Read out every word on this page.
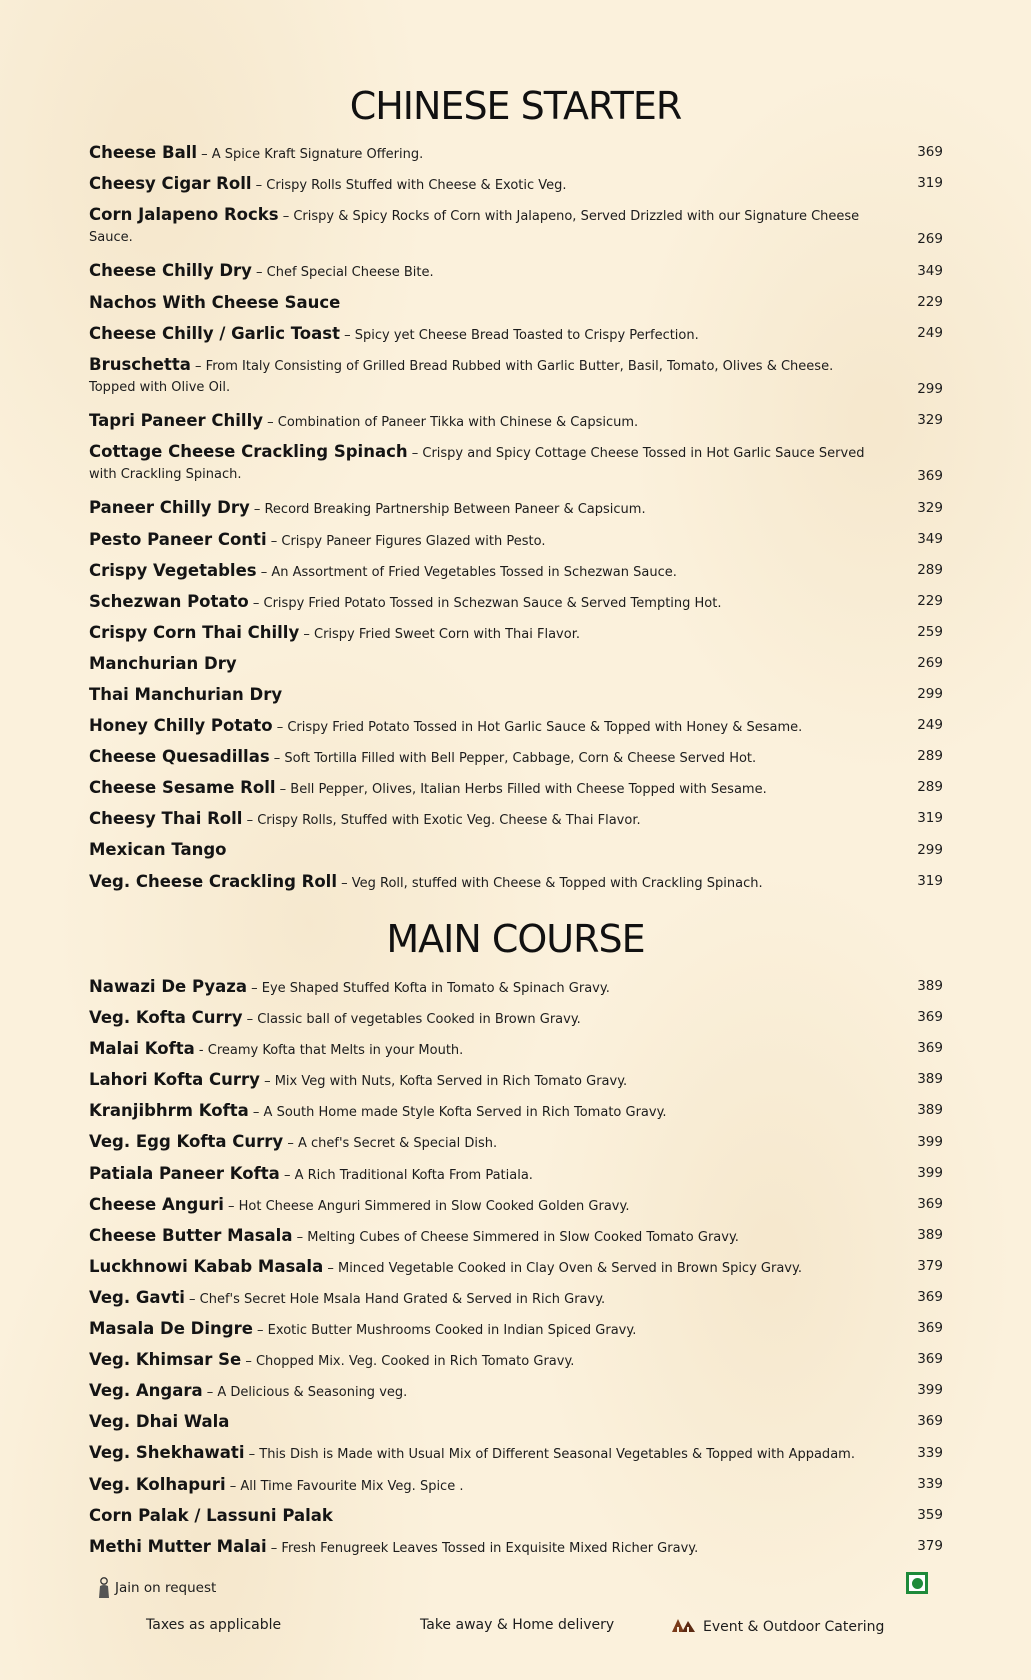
CHINESE STARTER
Cheese Ball – A Spice Kraft Signature Offering.	369
Cheesy Cigar Roll – Crispy Rolls Stuffed with Cheese & Exotic Veg.	319
Corn Jalapeno Rocks – Crispy & Spicy Rocks of Corn with Jalapeno, Served Drizzled with our Signature Cheese Sauce.	269
Cheese Chilly Dry – Chef Special Cheese Bite.	349
Nachos With Cheese Sauce	229
Cheese Chilly / Garlic Toast – Spicy yet Cheese Bread Toasted to Crispy Perfection.	249
Bruschetta – From Italy Consisting of Grilled Bread Rubbed with Garlic Butter, Basil, Tomato, Olives & Cheese. Topped with Olive Oil.	299
Tapri Paneer Chilly – Combination of Paneer Tikka with Chinese & Capsicum.	329
Cottage Cheese Crackling Spinach – Crispy and Spicy Cottage Cheese Tossed in Hot Garlic Sauce Served with Crackling Spinach.	369
Paneer Chilly Dry – Record Breaking Partnership Between Paneer & Capsicum.	329
Pesto Paneer Conti – Crispy Paneer Figures Glazed with Pesto.	349
Crispy Vegetables – An Assortment of Fried Vegetables Tossed in Schezwan Sauce.	289
Schezwan Potato – Crispy Fried Potato Tossed in Schezwan Sauce & Served Tempting Hot.	229
Crispy Corn Thai Chilly – Crispy Fried Sweet Corn with Thai Flavor.	259
Manchurian Dry	269
Thai Manchurian Dry	299
Honey Chilly Potato – Crispy Fried Potato Tossed in Hot Garlic Sauce & Topped with Honey & Sesame.	249
Cheese Quesadillas – Soft Tortilla Filled with Bell Pepper, Cabbage, Corn & Cheese Served Hot.	289
Cheese Sesame Roll – Bell Pepper, Olives, Italian Herbs Filled with Cheese Topped with Sesame.	289
Cheesy Thai Roll – Crispy Rolls, Stuffed with Exotic Veg. Cheese & Thai Flavor.	319
Mexican Tango	299
Veg. Cheese Crackling Roll – Veg Roll, stuffed with Cheese & Topped with Crackling Spinach.	319
MAIN COURSE
Nawazi De Pyaza – Eye Shaped Stuffed Kofta in Tomato & Spinach Gravy.	389
Veg. Kofta Curry – Classic ball of vegetables Cooked in Brown Gravy.	369
Malai Kofta - Creamy Kofta that Melts in your Mouth.	369
Lahori Kofta Curry – Mix Veg with Nuts, Kofta Served in Rich Tomato Gravy.	389
Kranjibhrm Kofta – A South Home made Style Kofta Served in Rich Tomato Gravy.	389
Veg. Egg Kofta Curry – A chef's Secret & Special Dish.	399
Patiala Paneer Kofta – A Rich Traditional Kofta From Patiala.	399
Cheese Anguri – Hot Cheese Anguri Simmered in Slow Cooked Golden Gravy.	369
Cheese Butter Masala – Melting Cubes of Cheese Simmered in Slow Cooked Tomato Gravy.	389
Luckhnowi Kabab Masala – Minced Vegetable Cooked in Clay Oven & Served in Brown Spicy Gravy.	379
Veg. Gavti – Chef's Secret Hole Msala Hand Grated & Served in Rich Gravy.	369
Masala De Dingre – Exotic Butter Mushrooms Cooked in Indian Spiced Gravy.	369
Veg. Khimsar Se – Chopped Mix. Veg. Cooked in Rich Tomato Gravy.	369
Veg. Angara – A Delicious & Seasoning veg.	399
Veg. Dhai Wala	369
Veg. Shekhawati – This Dish is Made with Usual Mix of Different Seasonal Vegetables & Topped with Appadam.	339
Veg. Kolhapuri – All Time Favourite Mix Veg. Spice .	339
Corn Palak / Lassuni Palak	359
Methi Mutter Malai – Fresh Fenugreek Leaves Tossed in Exquisite Mixed Richer Gravy.	379
Jain on request
Taxes as applicable	Take away & Home delivery	Event & Outdoor Catering
